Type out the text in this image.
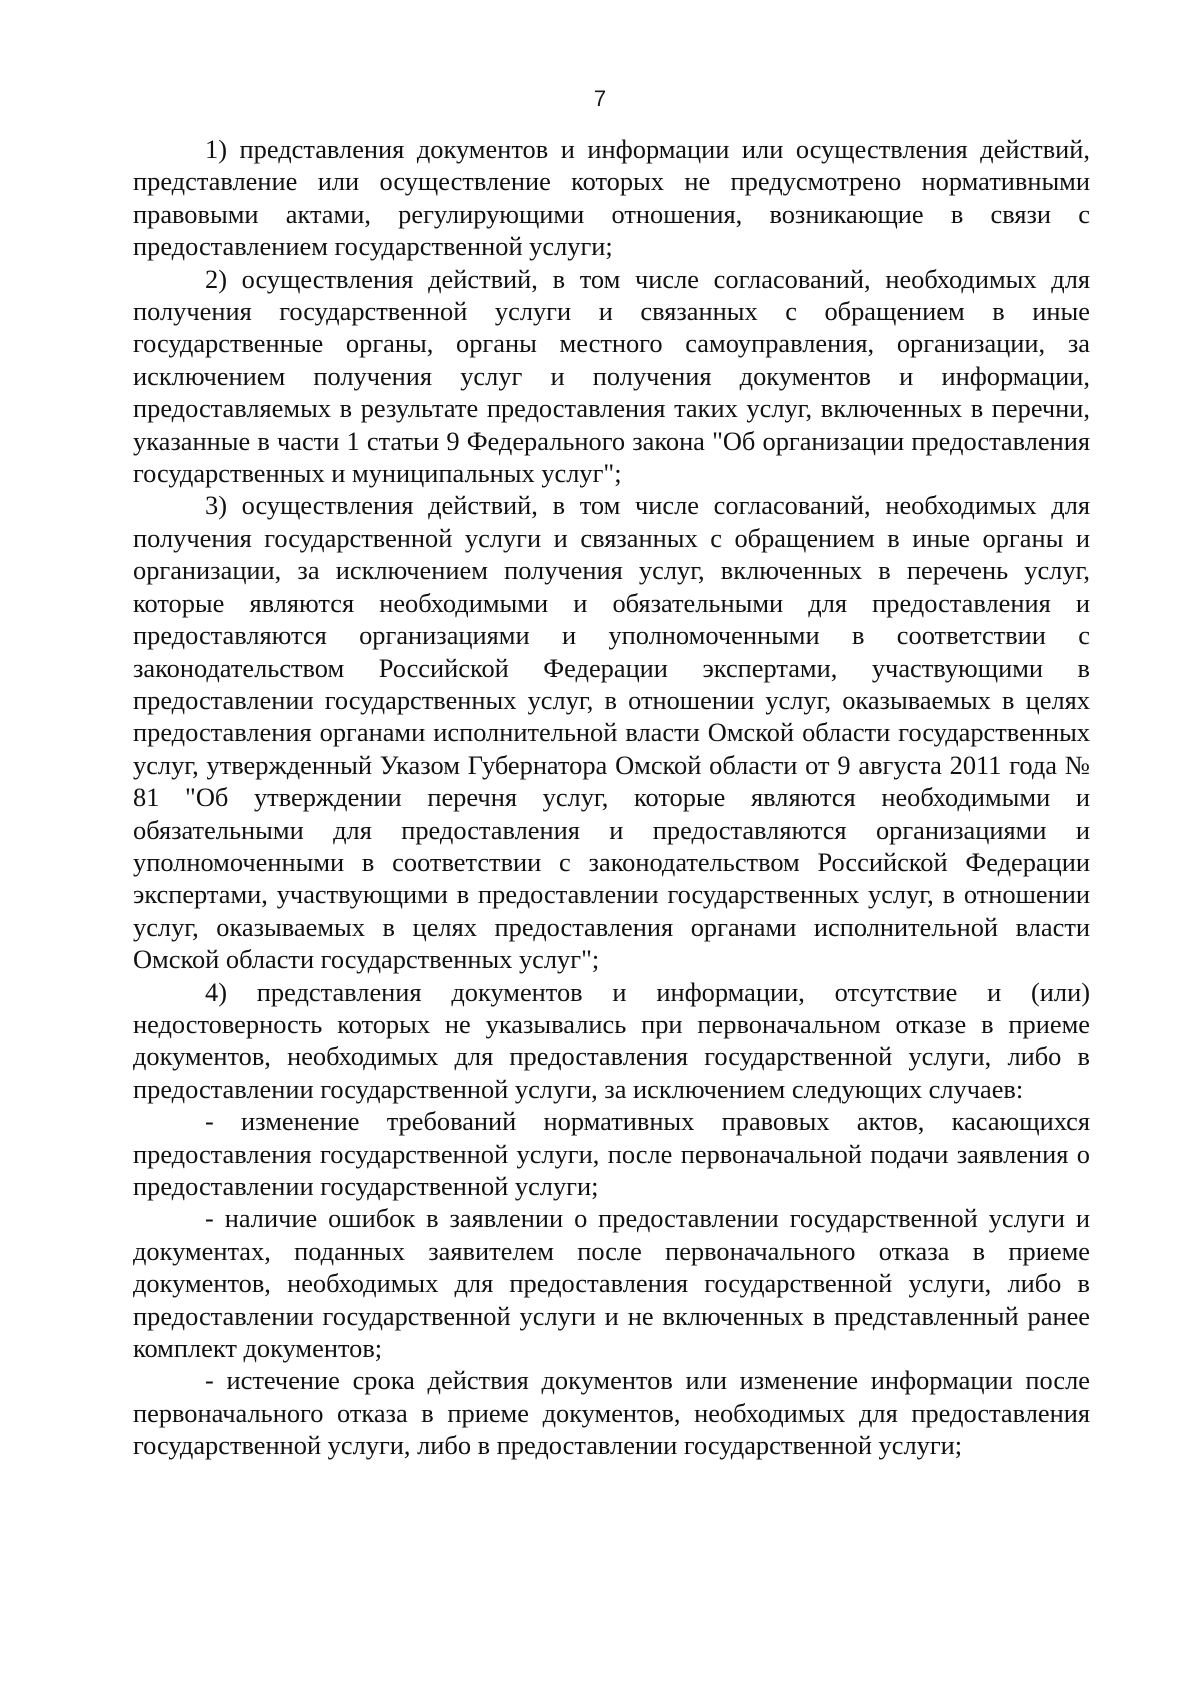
7

1) представления документов и информации или осуществления действий, представление или осуществление которых не предусмотрено нормативными правовыми актами, регулирующими отношения, возникающие в связи с предоставлением государственной услуги;

2) осуществления действий, в том числе согласований, необходимых для получения государственной услуги и связанных с обращением в иные государственные органы, органы местного самоуправления, организации, за исключением получения услуг и получения документов и информации, предоставляемых в результате предоставления таких услуг, включенных в перечни, указанные в части 1 статьи 9 Федерального закона "Об организации предоставления государственных и муниципальных услуг";

3) осуществления действий, в том числе согласований, необходимых для получения государственной услуги и связанных с обращением в иные органы и организации, за исключением получения услуг, включенных в перечень услуг, которые являются необходимыми и обязательными для предоставления и предоставляются организациями и уполномоченными в соответствии с законодательством Российской Федерации экспертами, участвующими в предоставлении государственных услуг, в отношении услуг, оказываемых в целях предоставления органами исполнительной власти Омской области государственных услуг, утвержденный Указом Губернатора Омской области от 9 августа 2011 года № 81 "Об утверждении перечня услуг, которые являются необходимыми и обязательными для предоставления и предоставляются организациями и уполномоченными в соответствии с законодательством Российской Федерации экспертами, участвующими в предоставлении государственных услуг, в отношении услуг, оказываемых в целях предоставления органами исполнительной власти Омской области государственных услуг";

4) представления документов и информации, отсутствие и (или) недостоверность которых не указывались при первоначальном отказе в приеме документов, необходимых для предоставления государственной услуги, либо в предоставлении государственной услуги, за исключением следующих случаев:

- изменение требований нормативных правовых актов, касающихся предоставления государственной услуги, после первоначальной подачи заявления о предоставлении государственной услуги;

- наличие ошибок в заявлении о предоставлении государственной услуги и документах, поданных заявителем после первоначального отказа в приеме документов, необходимых для предоставления государственной услуги, либо в предоставлении государственной услуги и не включенных в представленный ранее комплект документов;

- истечение срока действия документов или изменение информации после первоначального отказа в приеме документов, необходимых для предоставления государственной услуги, либо в предоставлении государственной услуги;
